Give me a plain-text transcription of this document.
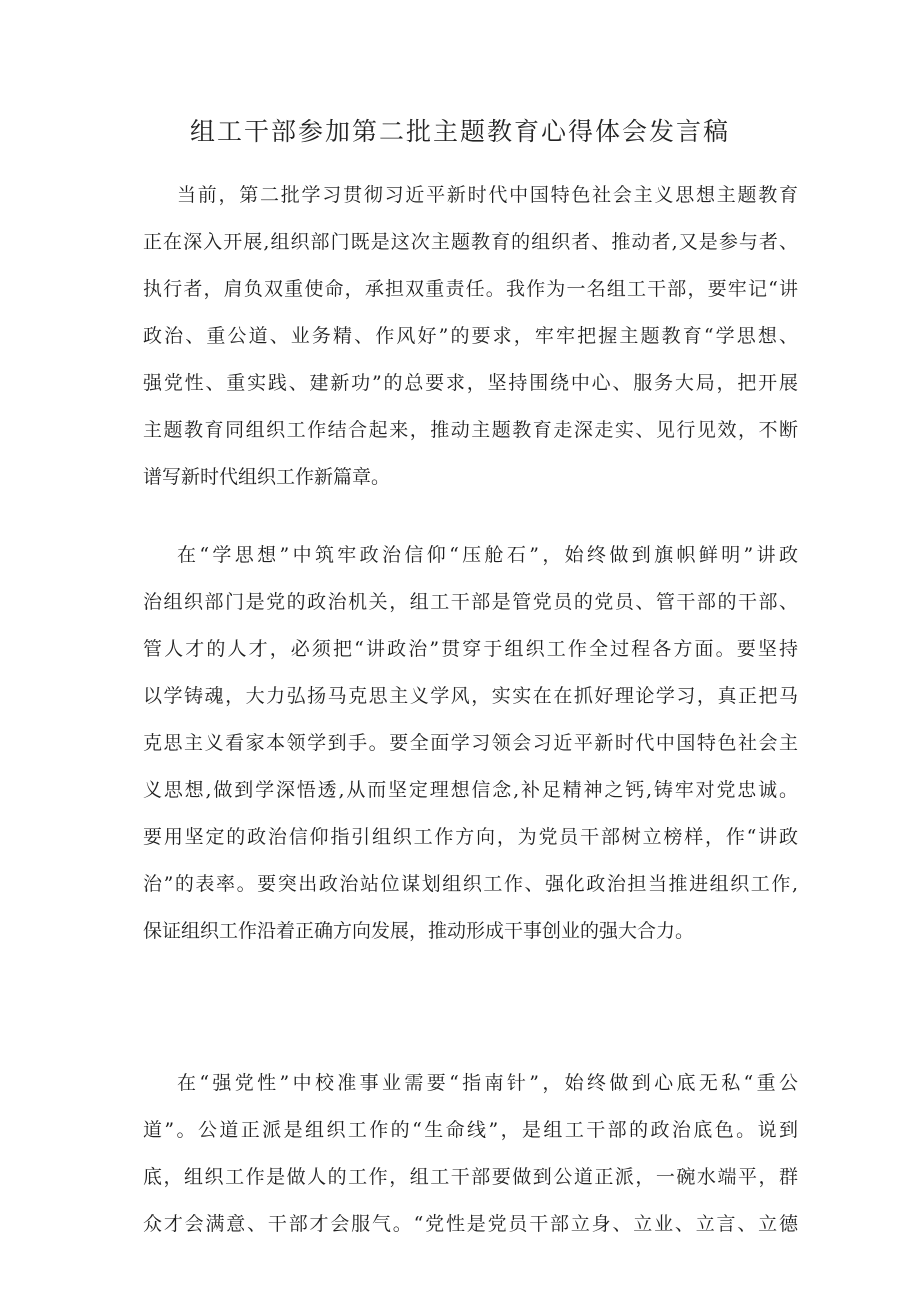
组工干部参加第二批主题教育心得体会发言稿
当前，第二批学习贯彻习近平新时代中国特色社会主义思想主题教育
正在深入开展,组织部门既是这次主题教育的组织者、推动者,又是参与者、
执行者，肩负双重使命，承担双重责任。我作为一名组工干部，要牢记“讲
政治、重公道、业务精、作风好”的要求，牢牢把握主题教育“学思想、
强党性、重实践、建新功”的总要求，坚持围绕中心、服务大局，把开展
主题教育同组织工作结合起来，推动主题教育走深走实、见行见效，不断
谱写新时代组织工作新篇章。
在“学思想”中筑牢政治信仰“压舱石”，始终做到旗帜鲜明”讲政
治组织部门是党的政治机关，组工干部是管党员的党员、管干部的干部、
管人才的人才，必须把“讲政治”贯穿于组织工作全过程各方面。要坚持
以学铸魂，大力弘扬马克思主义学风，实实在在抓好理论学习，真正把马
克思主义看家本领学到手。要全面学习领会习近平新时代中国特色社会主
义思想,做到学深悟透,从而坚定理想信念,补足精神之钙,铸牢对党忠诚。
要用坚定的政治信仰指引组织工作方向，为党员干部树立榜样，作“讲政
治”的表率。要突出政治站位谋划组织工作、强化政治担当推进组织工作,
保证组织工作沿着正确方向发展，推动形成干事创业的强大合力。
在“强党性”中校准事业需要“指南针”，始终做到心底无私“重公
道”。公道正派是组织工作的“生命线”，是组工干部的政治底色。说到
底，组织工作是做人的工作，组工干部要做到公道正派，一碗水端平，群
众才会满意、干部才会服气。“党性是党员干部立身、立业、立言、立德
